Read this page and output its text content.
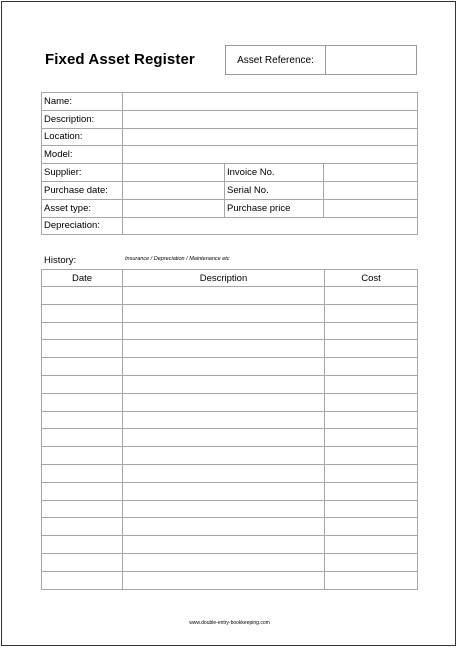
Fixed Asset Register	Asset Reference:
Name:			
Description:			
Location:			
Model:			
Supplier:		Invoice No.	
Purchase date:		Serial No.	
Asset type:		Purchase price	
Depreciation:			
History:	Insurance / Depreciation / Maintenance etc
Date	Description	Cost

www.double-entry-bookkeeping.com
